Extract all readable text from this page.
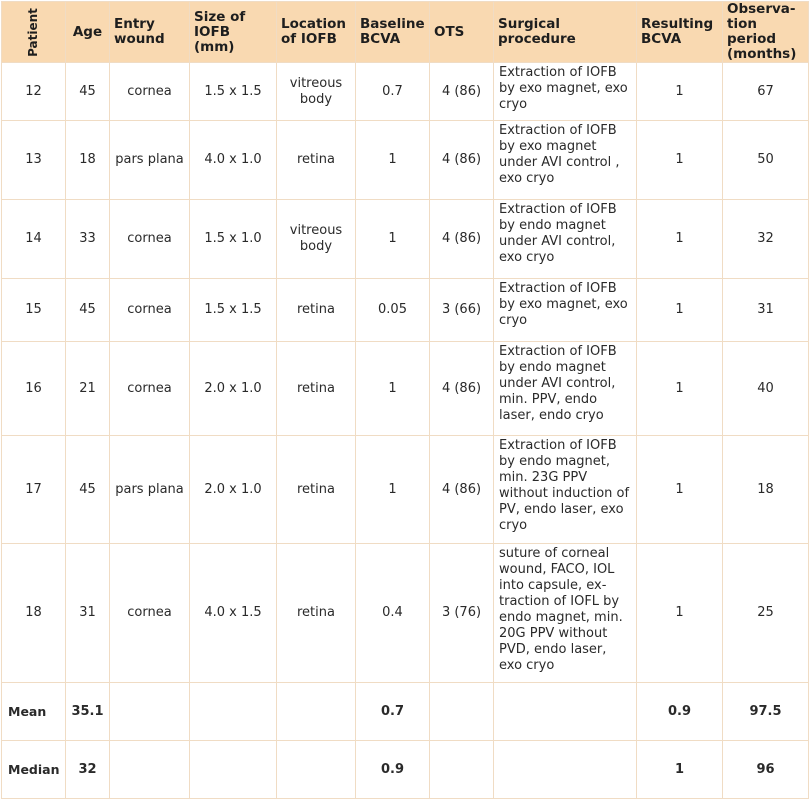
Patient	Age	Entry wound	Size of IOFB (mm)	Location of IOFB	Baseline BCVA	OTS	Surgical procedure	Resulting BCVA	Observa-tion period (months)
12	45	cornea	1.5 x 1.5	vitreous body	0.7	4 (86)	Extraction of IOFB by exo magnet, exo cryo	1	67
13	18	pars plana	4.0 x 1.0	retina	1	4 (86)	Extraction of IOFB by exo magnet under AVI control , exo cryo	1	50
14	33	cornea	1.5 x 1.0	vitreous body	1	4 (86)	Extraction of IOFB by endo magnet under AVI control, exo cryo	1	32
15	45	cornea	1.5 x 1.5	retina	0.05	3 (66)	Extraction of IOFB by exo magnet, exo cryo	1	31
16	21	cornea	2.0 x 1.0	retina	1	4 (86)	Extraction of IOFB by endo magnet under AVI control, min. PPV, endo laser, endo cryo	1	40
17	45	pars plana	2.0 x 1.0	retina	1	4 (86)	Extraction of IOFB by endo magnet, min. 23G PPV without induction of PV, endo laser, exo cryo	1	18
18	31	cornea	4.0 x 1.5	retina	0.4	3 (76)	suture of corneal wound, FACO, IOL into capsule, ex-traction of IOFL by endo magnet, min. 20G PPV without PVD, endo laser, exo cryo	1	25
Mean	35.1				0.7			0.9	97.5
Median	32				0.9			1	96
